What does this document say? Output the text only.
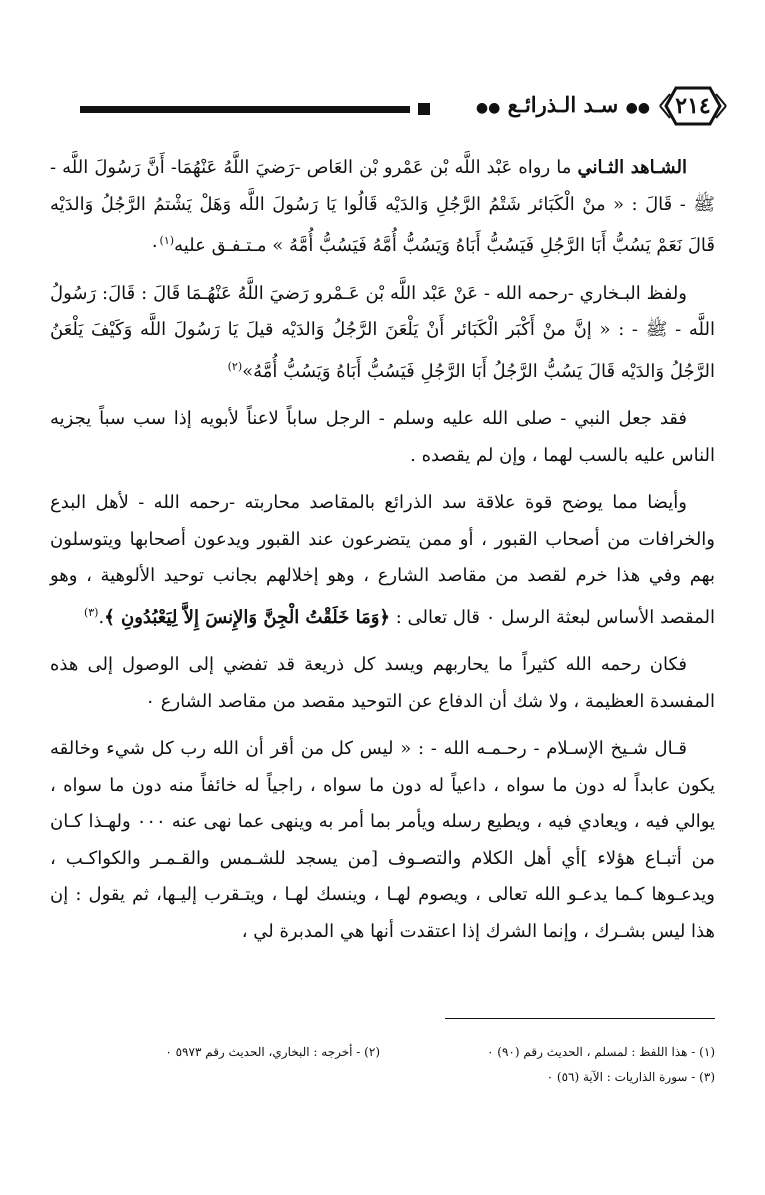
٢١٤
●● سـد الـذرائـع ●●

الشـاهد الثـاني ما رواه عَبْد اللَّه بْن عَمْرو بْن العَاص -رَضيَ اللَّهُ عَنْهُمَا- أَنَّ رَسُولَ اللَّه - ﷺ - قَالَ : « منْ الْكَبَائر شَتْمُ الرَّجُلِ وَالدَيْه قَالُوا يَا رَسُولَ اللَّه وَهَلْ يَشْتمُ الرَّجُلُ وَالدَيْه قَالَ نَعَمْ يَسُبُّ أَبَا الرَّجُلِ فَيَسُبُّ أَبَاهُ وَيَسُبُّ أُمَّهُ فَيَسُبُّ أُمَّهُ » مـتـفـق عليه$^{(١)}$٠

ولفظ البـخاري -رحمه الله - عَنْ عَبْد اللَّه بْن عَـمْرو رَضيَ اللَّهُ عَنْهُـمَا قَالَ : قَالَ: رَسُولُ اللَّه - ﷺ - : « إنَّ منْ أَكْبَر الْكَبَائر أَنْ يَلْعَنَ الرَّجُلُ وَالدَيْه قيلَ يَا رَسُولَ اللَّه وَكَيْفَ يَلْعَنُ الرَّجُلُ وَالدَيْه قَالَ يَسُبُّ الرَّجُلُ أَبَا الرَّجُلِ فَيَسُبُّ أَبَاهُ وَيَسُبُّ أُمَّهُ»$^{(٢)}$

فقد جعل النبي - صلى الله عليه وسلم - الرجل ساباً لاعناً لأبويه إذا سب سباً يجزيه الناس عليه بالسب لهما ، وإن لم يقصده .

وأيضا مما يوضح قوة علاقة سد الذرائع بالمقاصد محاربته -رحمه الله - لأهل البدع والخرافات من أصحاب القبور ، أو ممن يتضرعون عند القبور ويدعون أصحابها ويتوسلون بهم وفي هذا خرم لقصد من مقاصد الشارع ، وهو إخلالهم بجانب توحيد الألوهية ، وهو المقصد الأساس لبعثة الرسل ٠ قال تعالى : ﴿وَمَا خَلَقْتُ الْجِنَّ وَالإِنسَ إِلاَّ لِيَعْبُدُونِ ﴾.$^{(٣)}$

فكان رحمه الله كثيراً ما يحاربهم ويسد كل ذريعة قد تفضي إلى الوصول إلى هذه المفسدة العظيمة ، ولا شك أن الدفاع عن التوحيد مقصد من مقاصد الشارع ٠

قـال شـيخ الإسـلام - رحـمـه الله - : « ليس كل من أقر أن الله رب كل شيء وخالقه يكون عابداً له دون ما سواه ، داعياً له دون ما سواه ، راجياً له خائفاً منه دون ما سواه ، يوالي فيه ، ويعادي فيه ، ويطيع رسله ويأمر بما أمر به وينهى عما نهى عنه ٠٠٠ ولهـذا كـان من أتبـاع هؤلاء ]أي أهل الكلام والتصـوف [من يسجد للشـمس والقـمـر والكواكـب ، ويدعـوها كـما يدعـو الله تعالى ، ويصوم لهـا ، وينسك لهـا ، ويتـقرب إليـها، ثم يقول : إن هذا ليس بشـرك ، وإنما الشرك إذا اعتقدت أنها هي المدبرة لي ،

(١) - هذا اللفظ : لمسلم ، الحديث رقم (٩٠) ٠
(٢) - أخرجه : البخاري، الحديث رقم ٥٩٧٣ ٠
(٣) - سورة الذاريات : الآية (٥٦) ٠
